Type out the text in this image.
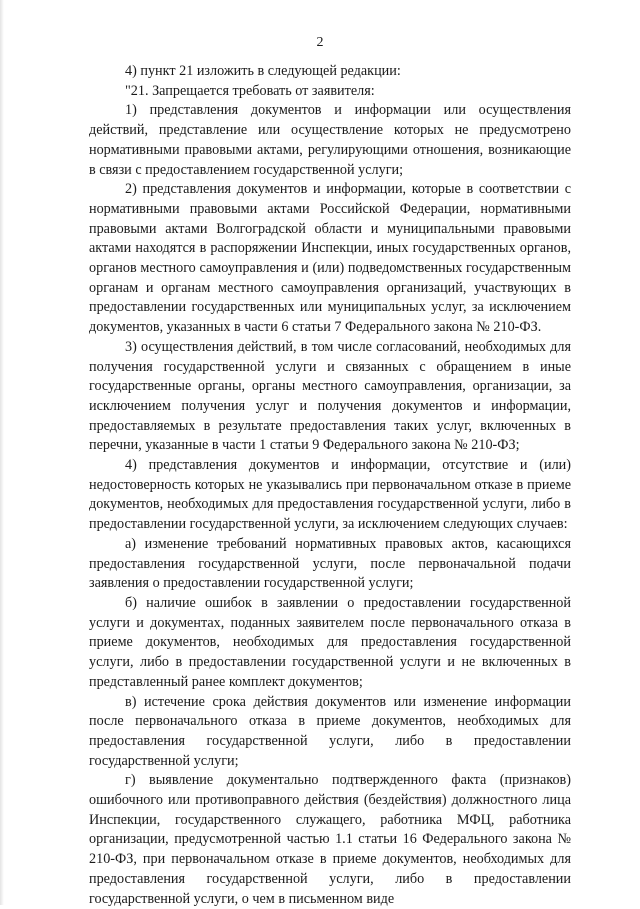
2

4) пункт 21 изложить в следующей редакции:

"21. Запрещается требовать от заявителя:

1) представления документов и информации или осуществления действий, представление или осуществление которых не предусмотрено нормативными правовыми актами, регулирующими отношения, возникающие в связи с предоставлением государственной услуги;

2) представления документов и информации, которые в соответствии с нормативными правовыми актами Российской Федерации, нормативными правовыми актами Волгоградской области и муниципальными правовыми актами находятся в распоряжении Инспекции, иных государственных органов, органов местного самоуправления и (или) подведомственных государственным органам и органам местного самоуправления организаций, участвующих в предоставлении государственных или муниципальных услуг, за исключением документов, указанных в части 6 статьи 7 Федерального закона № 210-ФЗ.

3) осуществления действий, в том числе согласований, необходимых для получения государственной услуги и связанных с обращением в иные государственные органы, органы местного самоуправления, организации, за исключением получения услуг и получения документов и информации, предоставляемых в результате предоставления таких услуг, включенных в перечни, указанные в части 1 статьи 9 Федерального закона № 210-ФЗ;

4) представления документов и информации, отсутствие и (или) недостоверность которых не указывались при первоначальном отказе в приеме документов, необходимых для предоставления государственной услуги, либо в предоставлении государственной услуги, за исключением следующих случаев:

а) изменение требований нормативных правовых актов, касающихся предоставления государственной услуги, после первоначальной подачи заявления о предоставлении государственной услуги;

б) наличие ошибок в заявлении о предоставлении государственной услуги и документах, поданных заявителем после первоначального отказа в приеме документов, необходимых для предоставления государственной услуги, либо в предоставлении государственной услуги и не включенных в представленный ранее комплект документов;

в) истечение срока действия документов или изменение информации после первоначального отказа в приеме документов, необходимых для предоставления государственной услуги, либо в предоставлении государственной услуги;

г) выявление документально подтвержденного факта (признаков) ошибочного или противоправного действия (бездействия) должностного лица Инспекции, государственного служащего, работника МФЦ, работника организации, предусмотренной частью 1.1 статьи 16 Федерального закона № 210-ФЗ, при первоначальном отказе в приеме документов, необходимых для предоставления государственной услуги, либо в предоставлении государственной услуги, о чем в письменном виде
